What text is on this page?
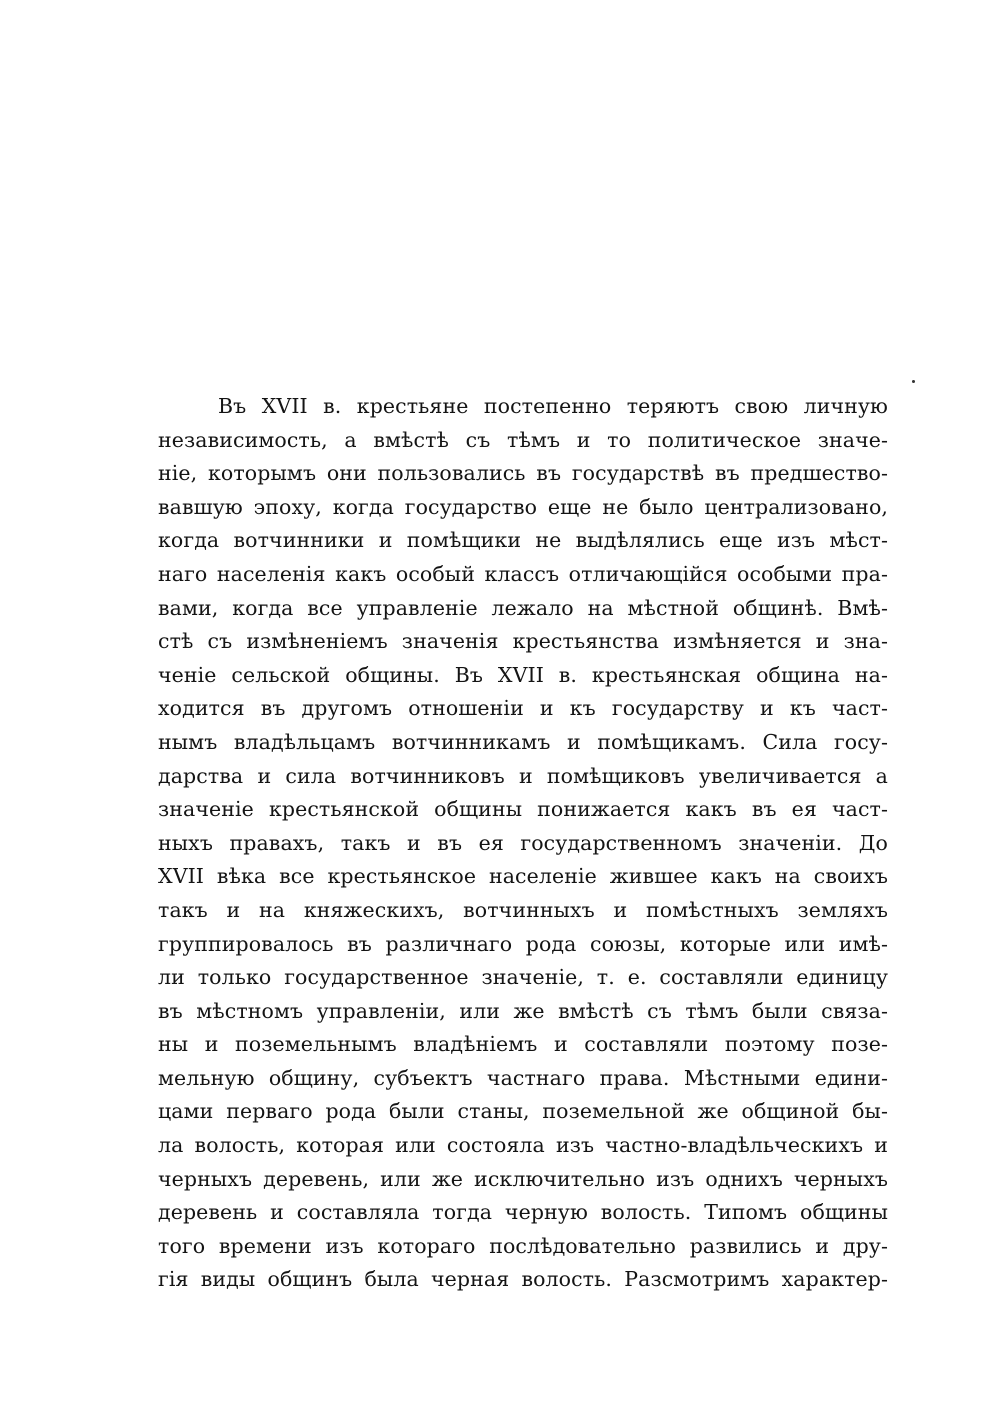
Въ XVII в. крестьяне постепенно теряютъ свою личную
независимость, а вмѣстѣ съ тѣмъ и то политическое значе-
ніе, которымъ они пользовались въ государствѣ въ предшество-
вавшую эпоху, когда государство еще не было централизовано,
когда вотчинники и помѣщики не выдѣлялись еще изъ мѣст-
наго населенія какъ особый классъ отличающійся особыми пра-
вами, когда все управленіе лежало на мѣстной общинѣ. Вмѣ-
стѣ съ измѣненіемъ значенія крестьянства измѣняется и зна-
ченіе сельской общины. Въ XVII в. крестьянская община на-
ходится въ другомъ отношеніи и къ государству и къ част-
нымъ владѣльцамъ вотчинникамъ и помѣщикамъ. Сила госу-
дарства и сила вотчинниковъ и помѣщиковъ увеличивается а
значеніе крестьянской общины понижается какъ въ ея част-
ныхъ правахъ, такъ и въ ея государственномъ значеніи. До
XVII вѣка все крестьянское населеніе жившее какъ на своихъ
такъ и на княжескихъ, вотчинныхъ и помѣстныхъ земляхъ
группировалось въ различнаго рода союзы, которые или имѣ-
ли только государственное значеніе, т. е. составляли единицу
въ мѣстномъ управленіи, или же вмѣстѣ съ тѣмъ были связа-
ны и поземельнымъ владѣніемъ и составляли поэтому позе-
мельную общину, субъектъ частнаго права. Мѣстными едини-
цами перваго рода были станы, поземельной же общиной бы-
ла волость, которая или состояла изъ частно-владѣльческихъ и
черныхъ деревень, или же исключительно изъ однихъ черныхъ
деревень и составляла тогда черную волость. Типомъ общины
того времени изъ котораго послѣдовательно развились и дру-
гія виды общинъ была черная волость. Разсмотримъ характер-
